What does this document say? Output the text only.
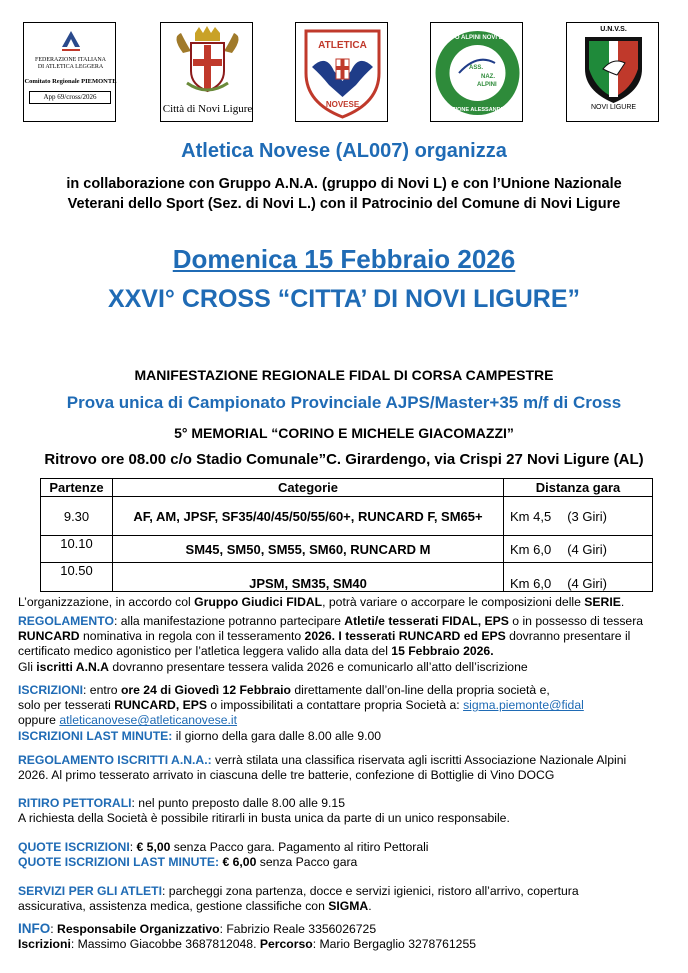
FEDERAZIONE ITALIANA
DI ATLETICA LEGGERA
Comitato Regionale PIEMONTE
App 69/cross/2026
Città di Novi Ligure
ATLETICA
NOVESE
ASS.
NAZ.
ALPINI
GRUPPO ALPINI NOVI LIGURE
SEZIONE ALESSANDRIA
U.N.V.S.
NOVI LIGURE
Atletica Novese (AL007) organizza
in collaborazione con Gruppo A.N.A. (gruppo di Novi L) e con l’Unione Nazionale
Veterani dello Sport (Sez. di Novi L.) con il Patrocinio del Comune di Novi Ligure
Domenica 15 Febbraio 2026
XXVI° CROSS “CITTA’ DI NOVI LIGURE”
MANIFESTAZIONE REGIONALE FIDAL DI CORSA CAMPESTRE
Prova unica di Campionato Provinciale AJPS/Master+35 m/f di Cross
5° MEMORIAL “CORINO E MICHELE GIACOMAZZI”
Ritrovo ore 08.00 c/o Stadio Comunale”C. Girardengo, via Crispi 27 Novi Ligure (AL)
Partenze	Categorie	Distanza gara
9.30	AF, AM, JPSF, SF35/40/45/50/55/60+, RUNCARD F, SM65+	Km 4,5 (3 Giri)
10.10	SM45, SM50, SM55, SM60, RUNCARD M	Km 6,0 (4 Giri)
10.50	JPSM, SM35, SM40	Km 6,0 (4 Giri)
L’organizzazione, in accordo col Gruppo Giudici FIDAL, potrà variare o accorpare le composizioni delle SERIE.
REGOLAMENTO: alla manifestazione potranno partecipare Atleti/e tesserati FIDAL, EPS o in possesso di tessera
RUNCARD nominativa in regola con il tesseramento 2026. I tesserati RUNCARD ed EPS dovranno presentare il
certificato medico agonistico per l’atletica leggera valido alla data del 15 Febbraio 2026.
Gli iscritti A.N.A dovranno presentare tessera valida 2026 e comunicarlo all’atto dell’iscrizione
ISCRIZIONI: entro ore 24 di Giovedì 12 Febbraio direttamente dall’on-line della propria società e,
solo per tesserati RUNCARD, EPS o impossibilitati a contattare propria Società a: sigma.piemonte@fidal
oppure atleticanovese@atleticanovese.it
ISCRIZIONI LAST MINUTE: il giorno della gara dalle 8.00 alle 9.00
REGOLAMENTO ISCRITTI A.N.A.: verrà stilata una classifica riservata agli iscritti Associazione Nazionale Alpini
2026. Al primo tesserato arrivato in ciascuna delle tre batterie, confezione di Bottiglie di Vino DOCG
RITIRO PETTORALI: nel punto preposto dalle 8.00 alle 9.15
A richiesta della Società è possibile ritirarli in busta unica da parte di un unico responsabile.
QUOTE ISCRIZIONI: € 5,00 senza Pacco gara. Pagamento al ritiro Pettorali
QUOTE ISCRIZIONI LAST MINUTE: € 6,00 senza Pacco gara
SERVIZI PER GLI ATLETI: parcheggi zona partenza, docce e servizi igienici, ristoro all’arrivo, copertura
assicurativa, assistenza medica, gestione classifiche con SIGMA.
INFO: Responsabile Organizzativo: Fabrizio Reale 3356026725
Iscrizioni: Massimo Giacobbe 3687812048. Percorso: Mario Bergaglio 3278761255
